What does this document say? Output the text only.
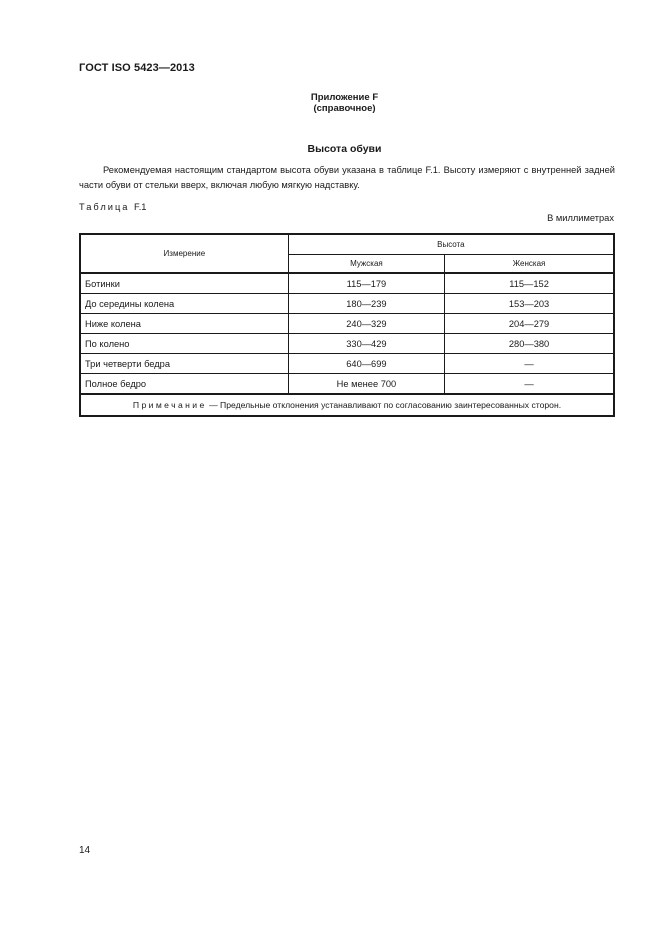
ГОСТ ISO 5423—2013
Приложение F
(справочное)
Высота обуви
Рекомендуемая настоящим стандартом высота обуви указана в таблице F.1. Высоту измеряют с внутренней задней части обуви от стельки вверх, включая любую мягкую надставку.
Таблица F.1
В миллиметрах
Измерение	Высота	
	Мужская	Женская
Ботинки	115—179	115—152
До середины колена	180—239	153—203
Ниже колена	240—329	204—279
По колено	330—429	280—380
Три четверти бедра	640—699	—
Полное бедро	Не менее 700	—
Примечание — Предельные отклонения устанавливают по согласованию заинтересованных сторон.		
14
